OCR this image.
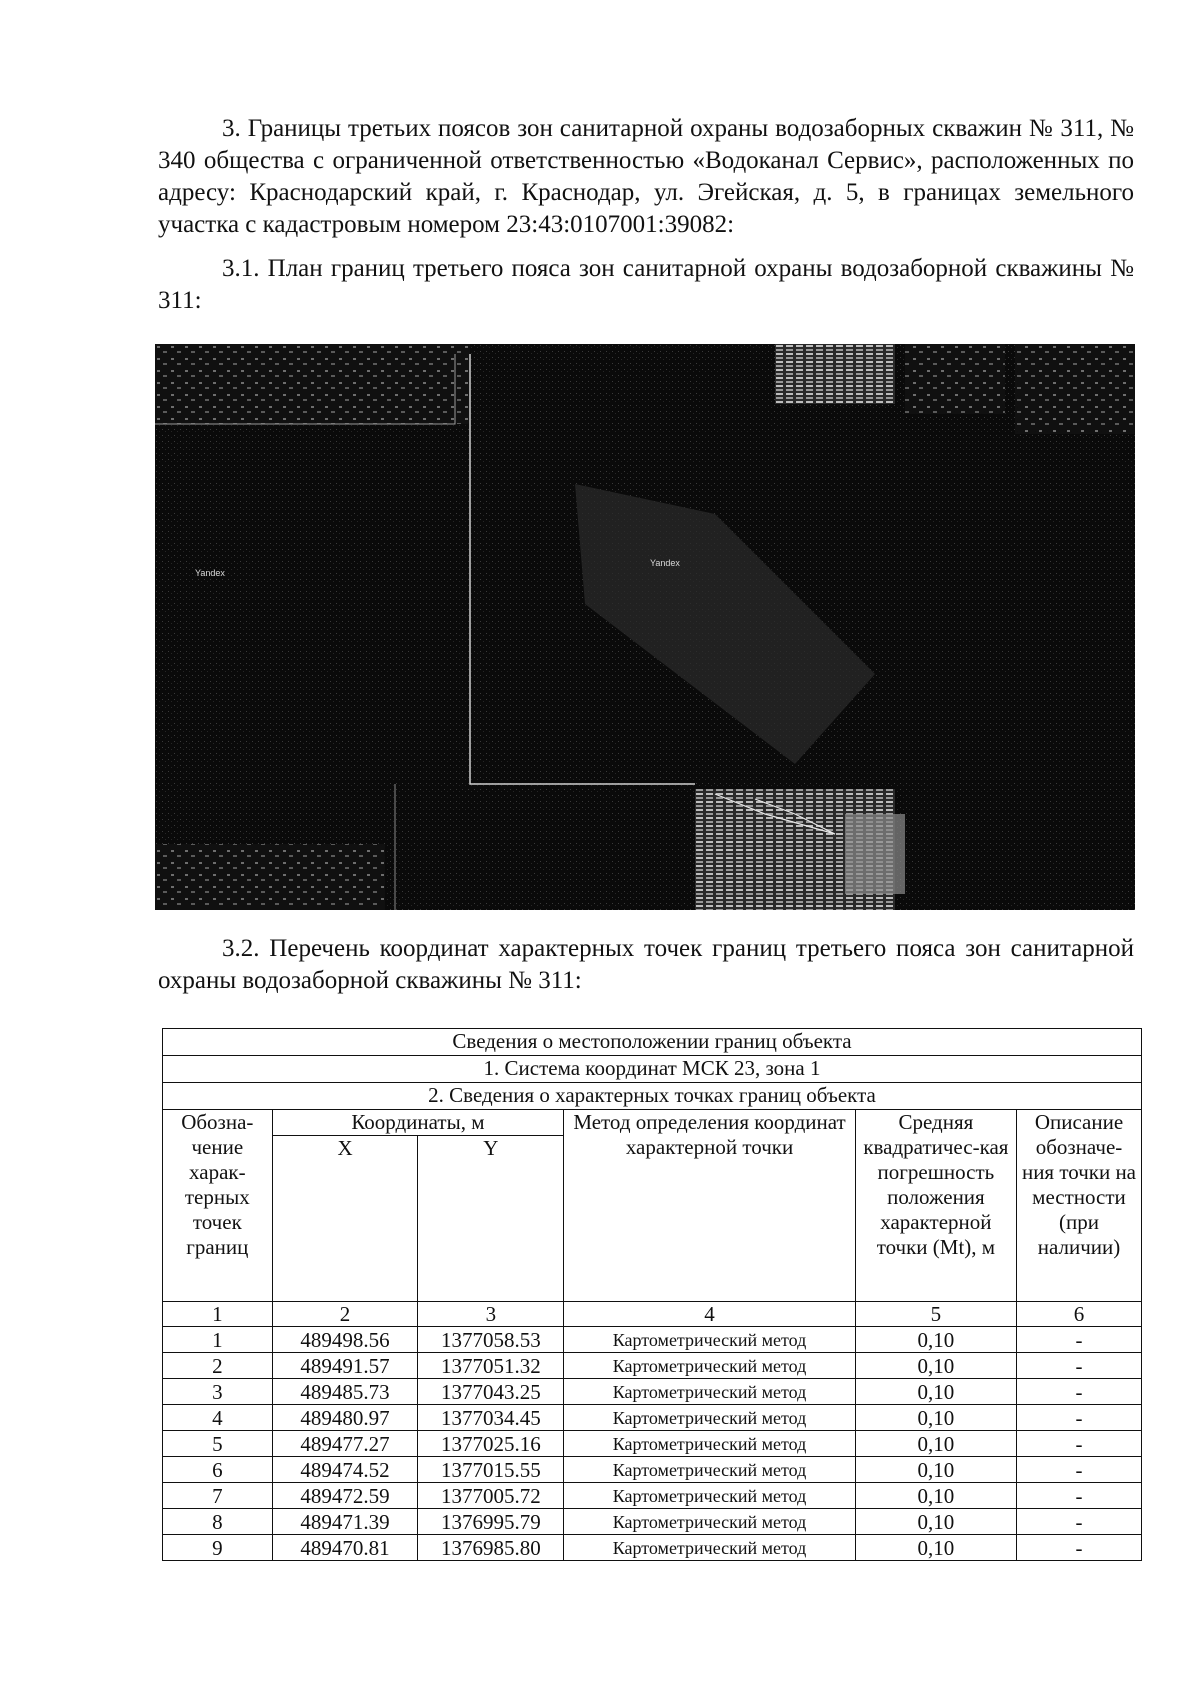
3. Границы третьих поясов зон санитарной охраны водозаборных скважин № 311, № 340 общества с ограниченной ответственностью «Водоканал Сервис», расположенных по адресу: Краснодарский край, г. Краснодар, ул. Эгейская, д. 5, в границах земельного участка с кадастровым номером 23:43:0107001:39082:

3.1. План границ третьего пояса зон санитарной охраны водозаборной скважины № 311:

Yandex
Yandex

3.2. Перечень координат характерных точек границ третьего пояса зон санитарной охраны водозаборной скважины № 311:

Сведения о местоположении границ объекта					
1. Система координат МСК 23, зона 1					
2. Сведения о характерных точках границ объекта					
Обозна-чение харак-терных точек границ	Координаты, м		Метод определения координат характерной точки	Средняя квадратичес-кая погрешность положения характерной точки (Mt), м	Описание обозначе-ния точки на местности (при наличии)
	X	Y			
1	2	3	4	5	6
1	489498.56	1377058.53	Картометрический метод	0,10	-
2	489491.57	1377051.32	Картометрический метод	0,10	-
3	489485.73	1377043.25	Картометрический метод	0,10	-
4	489480.97	1377034.45	Картометрический метод	0,10	-
5	489477.27	1377025.16	Картометрический метод	0,10	-
6	489474.52	1377015.55	Картометрический метод	0,10	-
7	489472.59	1377005.72	Картометрический метод	0,10	-
8	489471.39	1376995.79	Картометрический метод	0,10	-
9	489470.81	1376985.80	Картометрический метод	0,10	-
